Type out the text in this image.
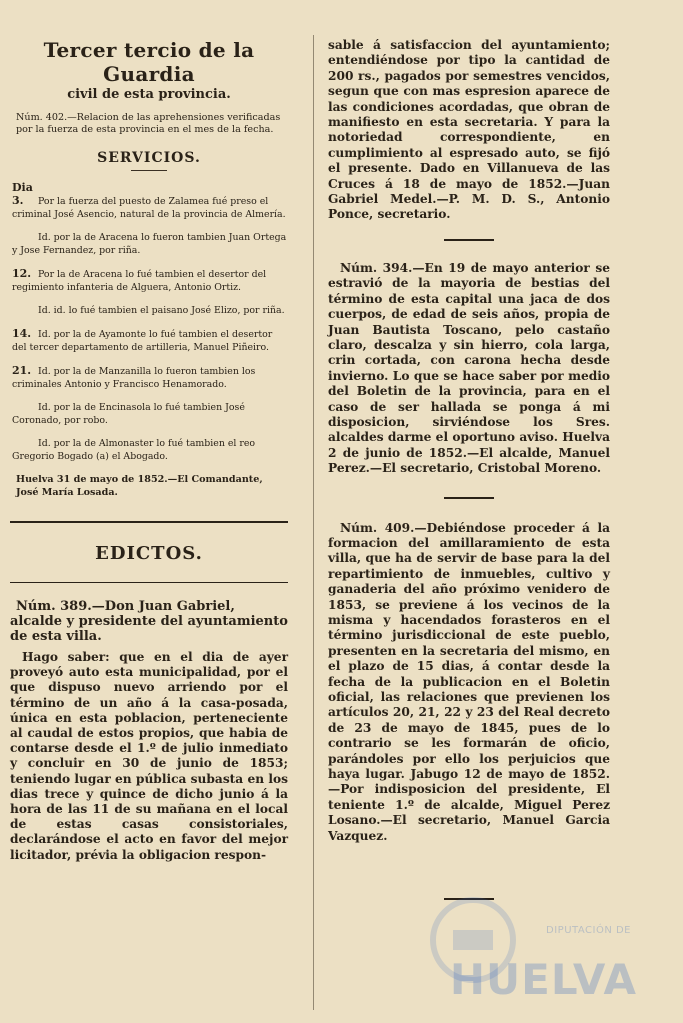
Tercer tercio de la Guardia

civil de esta provincia.

Núm. 402.—Relacion de las aprehensiones verificadas por la fuerza de esta provincia en el mes de la fecha.

SERVICIOS.

Dia 3. Por la fuerza del puesto de Zalamea fué preso el criminal José Asencio, natural de la provincia de Almería.

Id. por la de Aracena lo fueron tambien Juan Ortega y Jose Fernandez, por riña.

12. Por la de Aracena lo fué tambien el desertor del regimiento infanteria de Alguera, Antonio Ortiz.

Id. id. lo fué tambien el paisano José Elizo, por riña.

14. Id. por la de Ayamonte lo fué tambien el desertor del tercer departamento de artilleria, Manuel Piñeiro.

21. Id. por la de Manzanilla lo fueron tambien los criminales Antonio y Francisco Henamorado.

Id. por la de Encinasola lo fué tambien José Coronado, por robo.

Id. por la de Almonaster lo fué tambien el reo Gregorio Bogado (a) el Abogado.

Huelva 31 de mayo de 1852.—El Comandante, José María Losada.

EDICTOS.

Núm. 389.—Don Juan Gabriel, alcalde y presidente del ayuntamiento de esta villa.

Hago saber: que en el dia de ayer proveyó auto esta municipalidad, por el que dispuso nuevo arriendo por el término de un año á la casa-posada, única en esta poblacion, perteneciente al caudal de estos propios, que habia de contarse desde el 1.º de julio inmediato y concluir en 30 de junio de 1853; teniendo lugar en pública subasta en los dias trece y quince de dicho junio á la hora de las 11 de su mañana en el local de estas casas consistoriales, declarándose el acto en favor del mejor licitador, prévia la obligacion respon-

sable á satisfaccion del ayuntamiento; entendiéndose por tipo la cantidad de 200 rs., pagados por semestres vencidos, segun que con mas espresion aparece de las condiciones acordadas, que obran de manifiesto en esta secretaria. Y para la notoriedad correspondiente, en cumplimiento al espresado auto, se fijó el presente. Dado en Villanueva de las Cruces á 18 de mayo de 1852.—Juan Gabriel Medel.—P. M. D. S., Antonio Ponce, secretario.

Núm. 394.—En 19 de mayo anterior se estravió de la mayoria de bestias del término de esta capital una jaca de dos cuerpos, de edad de seis años, propia de Juan Bautista Toscano, pelo castaño claro, descalza y sin hierro, cola larga, crin cortada, con carona hecha desde invierno. Lo que se hace saber por medio del Boletin de la provincia, para en el caso de ser hallada se ponga á mi disposicion, sirviéndose los Sres. alcaldes darme el oportuno aviso. Huelva 2 de junio de 1852.—El alcalde, Manuel Perez.—El secretario, Cristobal Moreno.

Núm. 409.—Debiéndose proceder á la formacion del amillaramiento de esta villa, que ha de servir de base para la del repartimiento de inmuebles, cultivo y ganaderia del año próximo venidero de 1853, se previene á los vecinos de la misma y hacendados forasteros en el término jurisdiccional de este pueblo, presenten en la secretaria del mismo, en el plazo de 15 dias, á contar desde la fecha de la publicacion en el Boletin oficial, las relaciones que previenen los artículos 20, 21, 22 y 23 del Real decreto de 23 de mayo de 1845, pues de lo contrario se les formarán de oficio, parándoles por ello los perjuicios que haya lugar. Jabugo 12 de mayo de 1852.—Por indisposicion del presidente, El teniente 1.º de alcalde, Miguel Perez Losano.—El secretario, Manuel Garcia Vazquez.

DIPUTACIÓN DE
HUELVA
